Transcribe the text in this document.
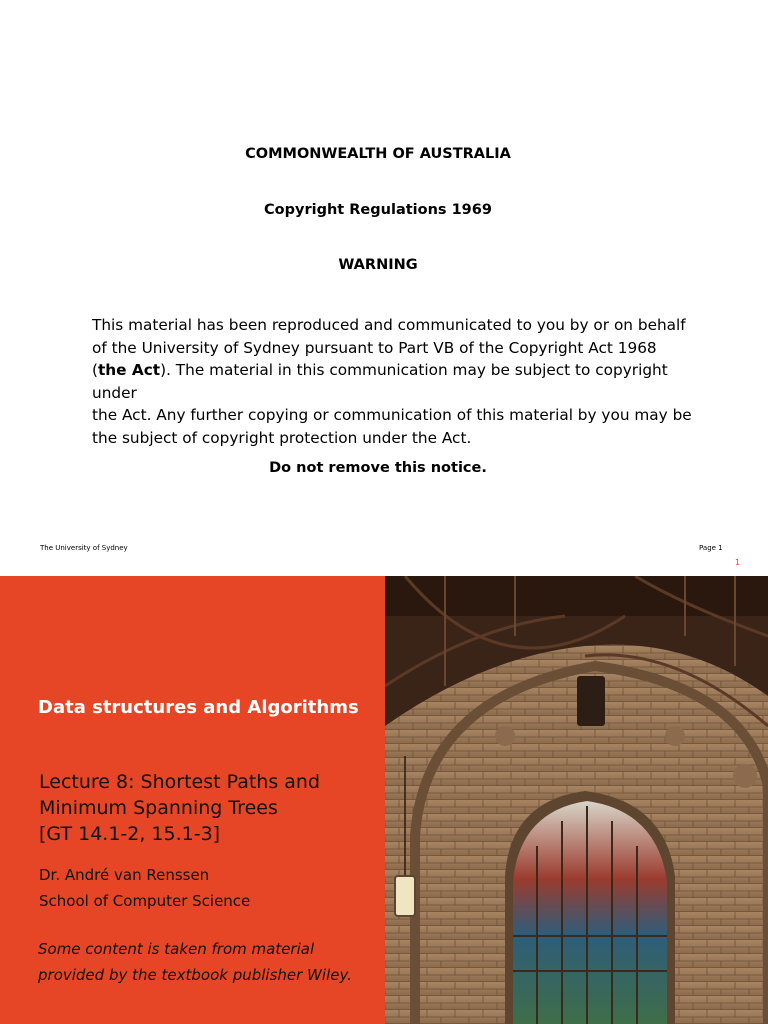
COMMONWEALTH OF AUSTRALIA
Copyright Regulations 1969
WARNING
This material has been reproduced and communicated to you by or on behalf
of the University of Sydney pursuant to Part VB of the Copyright Act 1968
(the Act). The material in this communication may be subject to copyright under
the Act. Any further copying or communication of this material by you may be
the subject of copyright protection under the Act.
Do not remove this notice.
The University of Sydney	Page 1
1
Data structures and Algorithms
Lecture 8: Shortest Paths and
Minimum Spanning Trees
[GT 14.1-2, 15.1-3]
Dr. André van Renssen
School of Computer Science
Some content is taken from material
provided by the textbook publisher Wiley.
